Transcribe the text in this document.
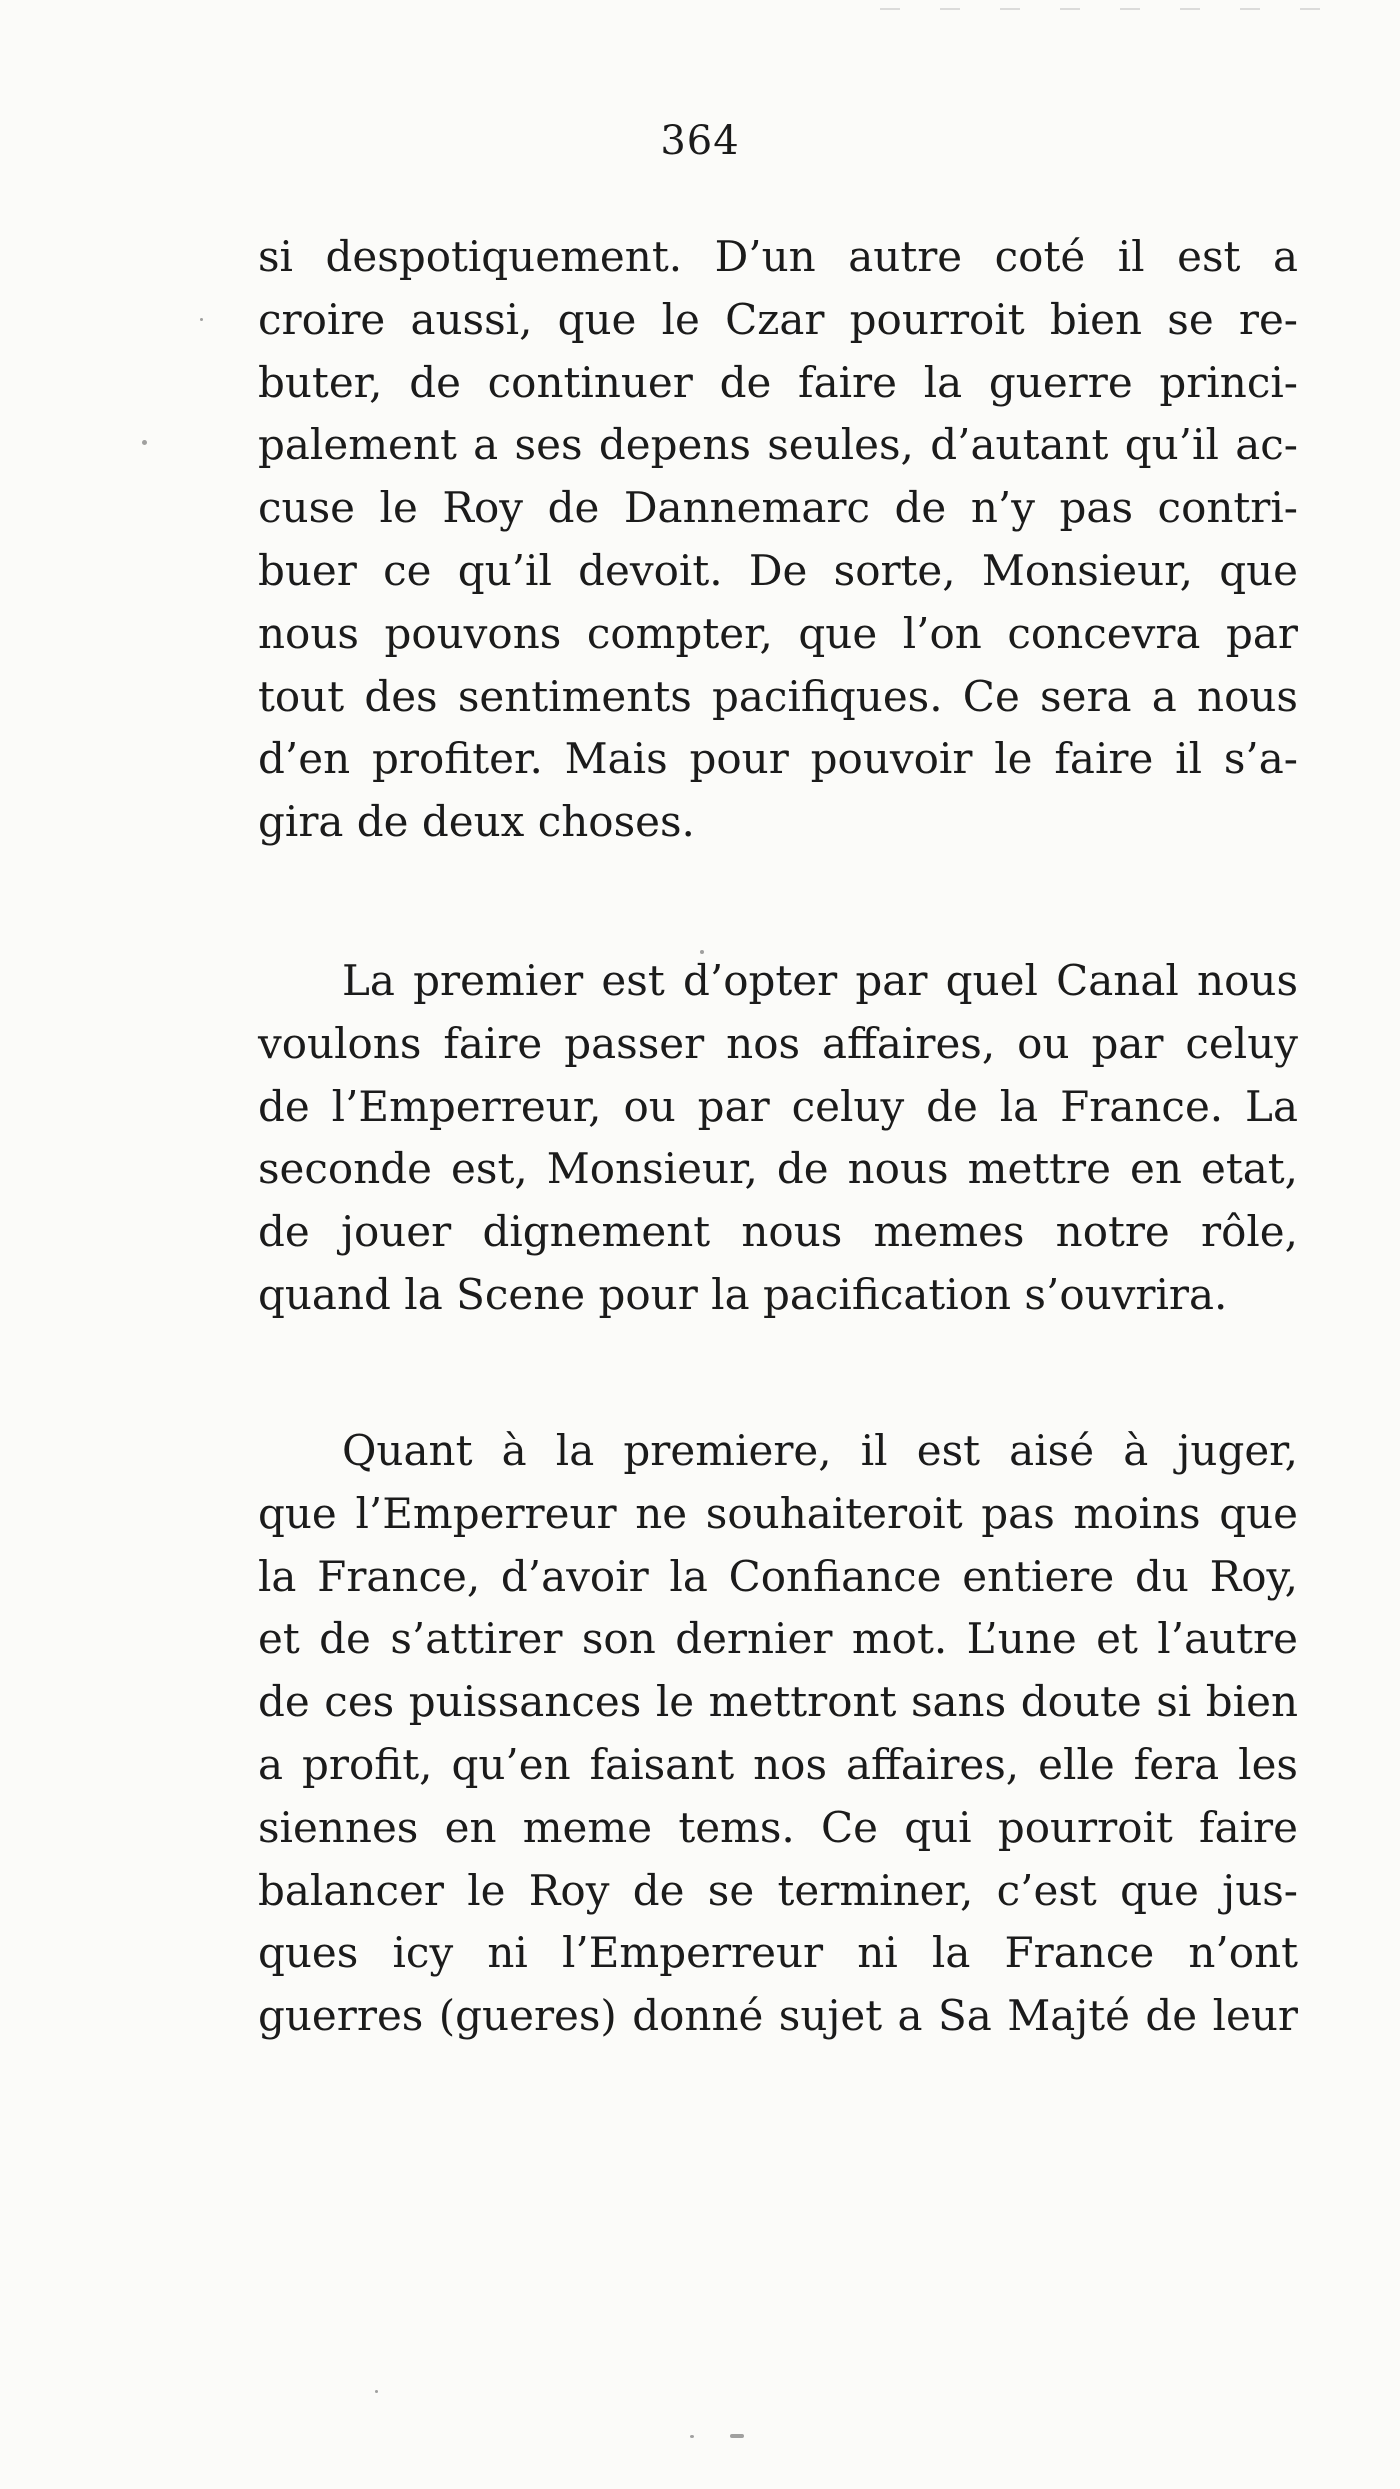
364
si despotiquement. D’un autre coté il est a
croire aussi, que le Czar pourroit bien se re-
buter, de continuer de faire la guerre princi-
palement a ses depens seules, d’autant qu’il ac-
cuse le Roy de Dannemarc de n’y pas contri-
buer ce qu’il devoit. De sorte, Monsieur, que
nous pouvons compter, que l’on concevra par
tout des sentiments pacifiques. Ce sera a nous
d’en profiter. Mais pour pouvoir le faire il s’a-
gira de deux choses.
La premier est d’opter par quel Canal nous
voulons faire passer nos affaires, ou par celuy
de l’Emperreur, ou par celuy de la France. La
seconde est, Monsieur, de nous mettre en etat,
de jouer dignement nous memes notre rôle,
quand la Scene pour la pacification s’ouvrira.
Quant à la premiere, il est aisé à juger,
que l’Emperreur ne souhaiteroit pas moins que
la France, d’avoir la Confiance entiere du Roy,
et de s’attirer son dernier mot. L’une et l’autre
de ces puissances le mettront sans doute si bien
a profit, qu’en faisant nos affaires, elle fera les
siennes en meme tems. Ce qui pourroit faire
balancer le Roy de se terminer, c’est que jus-
ques icy ni l’Emperreur ni la France n’ont
guerres (gueres) donné sujet a Sa Majté de leur
